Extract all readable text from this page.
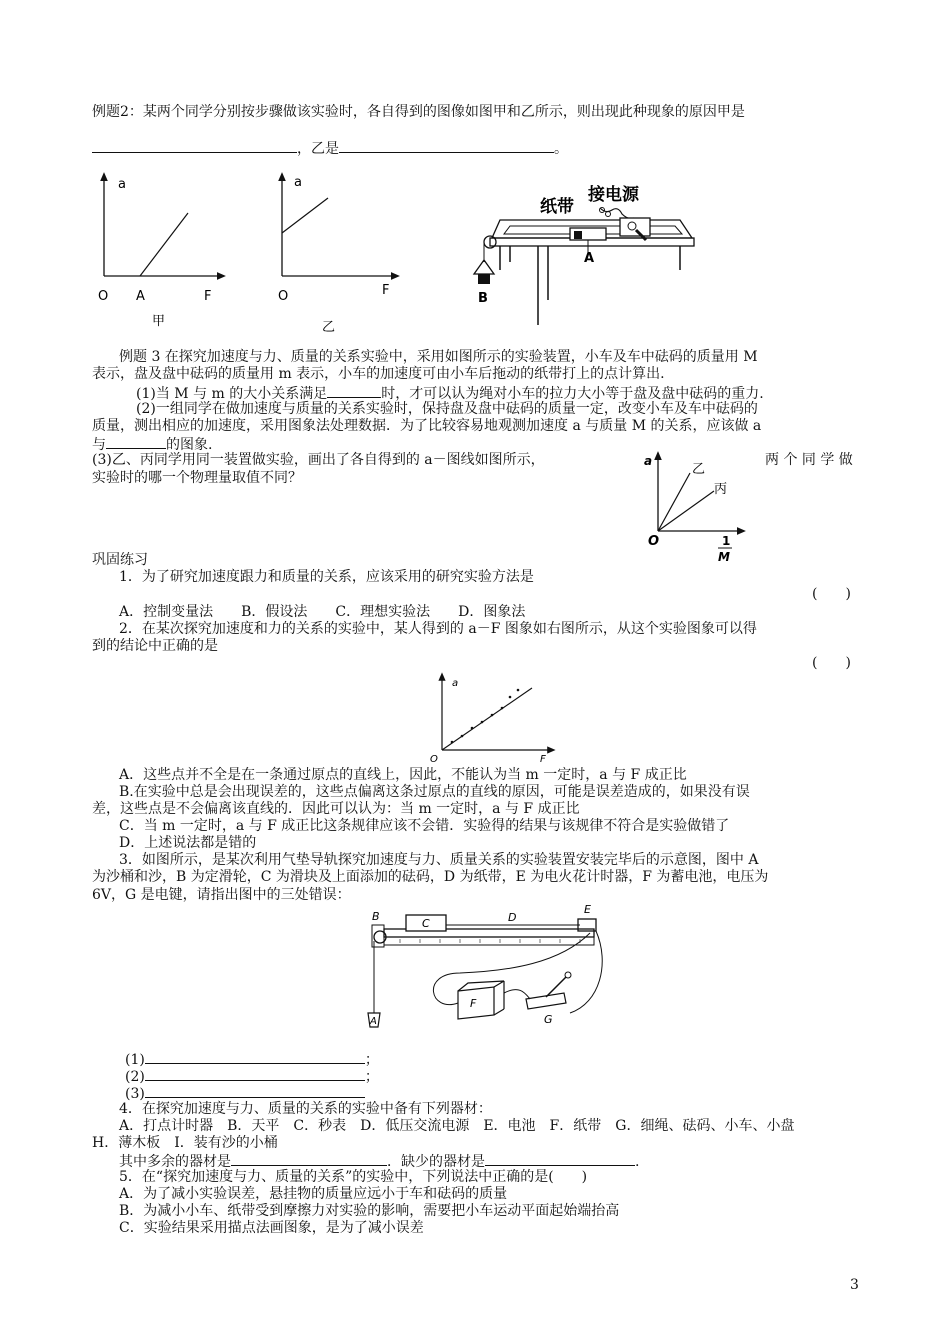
例题2：某两个同学分别按步骤做该实验时，各自得到的图像如图甲和乙所示，则出现此种现象的原因甲是
，乙是	。
a
O A	F
甲
a
O	F
乙
纸带
接电源
A
B
例题 3 在探究加速度与力、质量的关系实验中，采用如图所示的实验装置，小车及车中砝码的质量用 M
表示，盘及盘中砝码的质量用 m 表示，小车的加速度可由小车后拖动的纸带打上的点计算出.
(1)当 M 与 m 的大小关系满足	时，才可以认为绳对小车的拉力大小等于盘及盘中砝码的重力.
(2)一组同学在做加速度与质量的关系实验时，保持盘及盘中砝码的质量一定，改变小车及车中砝码的
质量，测出相应的加速度，采用图象法处理数据．为了比较容易地观测加速度 a 与质量 M 的关系，应该做 a
与	的图象.
(3)乙、丙同学用同一装置做实验，画出了各自得到的 a－图线如图所示，	两 个 同 学 做
实验时的哪一个物理量取值不同？
a
乙
丙
O	1
M
巩固练习
1．为了研究加速度跟力和质量的关系，应该采用的研究实验方法是
(　　)
A．控制变量法　　B．假设法　　C．理想实验法　　D．图象法
2．在某次探究加速度和力的关系的实验中，某人得到的 a－F 图象如右图所示，从这个实验图象可以得
到的结论中正确的是
(　　)
a
O	F
A．这些点并不全是在一条通过原点的直线上，因此，不能认为当 m 一定时，a 与 F 成正比
B.在实验中总是会出现误差的，这些点偏离这条过原点的直线的原因，可能是误差造成的，如果没有误
差，这些点是不会偏离该直线的．因此可以认为：当 m 一定时，a 与 F 成正比
C．当 m 一定时，a 与 F 成正比这条规律应该不会错．实验得的结果与该规律不符合是实验做错了
D．上述说法都是错的
3．如图所示，是某次利用气垫导轨探究加速度与力、质量关系的实验装置安装完毕后的示意图，图中 A
为沙桶和沙，B 为定滑轮，C 为滑块及上面添加的砝码，D 为纸带，E 为电火花计时器，F 为蓄电池，电压为
6V，G 是电键，请指出图中的三处错误：
B
C	D
E
A
F
G
(1)	；
(2)	；
(3)
4．在探究加速度与力、质量的关系的实验中备有下列器材：
A．打点计时器　B．天平　C．秒表　D．低压交流电源　E．电池　F．纸带　G．细绳、砝码、小车、小盘
H．薄木板　I．装有沙的小桶
其中多余的器材是	．缺少的器材是	.
5．在“探究加速度与力、质量的关系”的实验中，下列说法中正确的是(　　)
A．为了减小实验误差，悬挂物的质量应远小于车和砝码的质量
B．为减小小车、纸带受到摩擦力对实验的影响，需要把小车运动平面起始端抬高
C．实验结果采用描点法画图象，是为了减小误差
3
